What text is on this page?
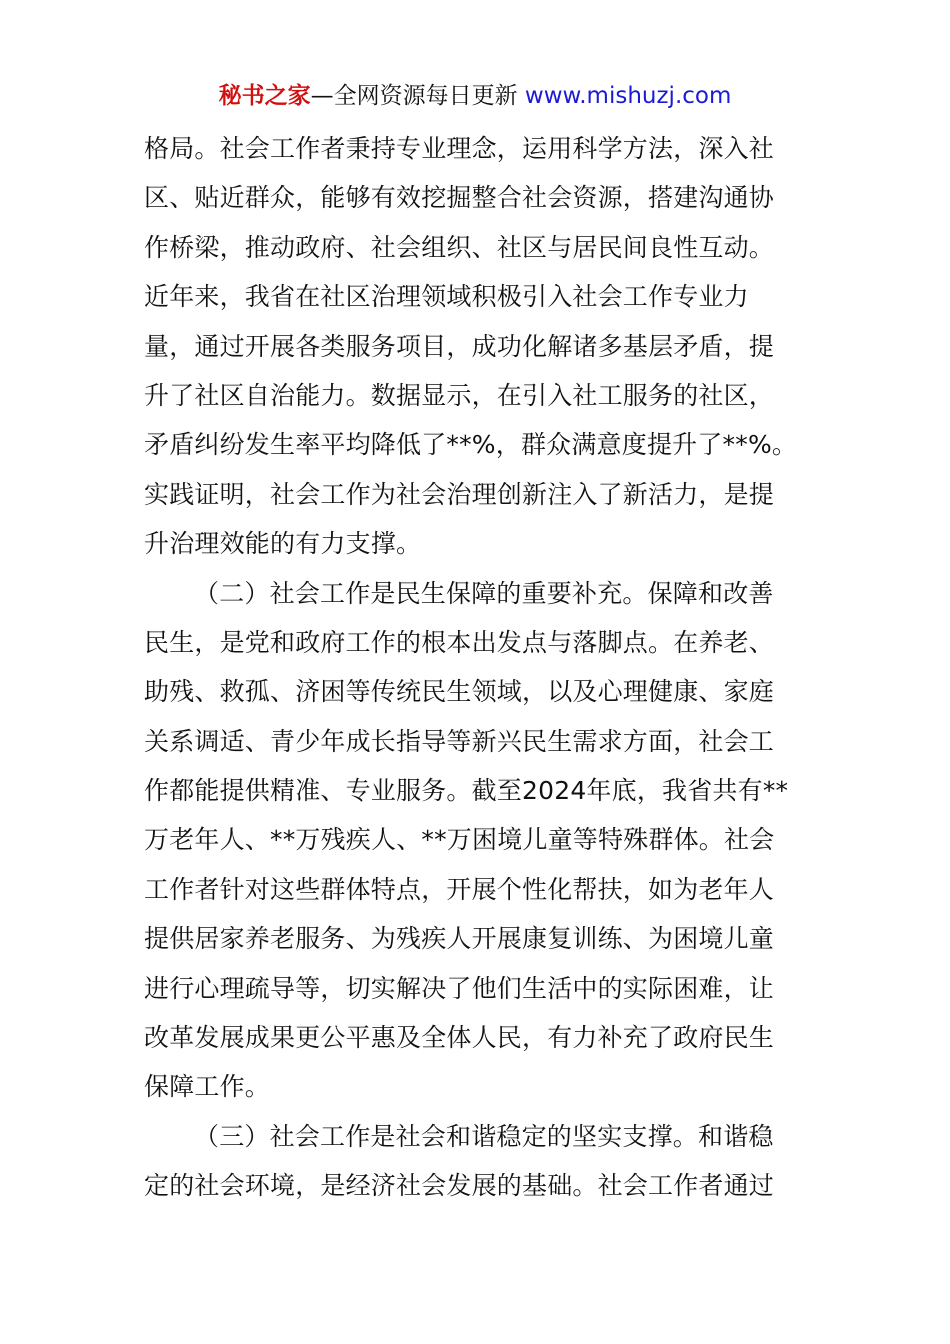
秘书之家—全网资源每日更新 www.mishuzj.com
格局。社会工作者秉持专业理念，运用科学方法，深入社
区、贴近群众，能够有效挖掘整合社会资源，搭建沟通协
作桥梁，推动政府、社会组织、社区与居民间良性互动。
近年来，我省在社区治理领域积极引入社会工作专业力
量，通过开展各类服务项目，成功化解诸多基层矛盾，提
升了社区自治能力。数据显示，在引入社工服务的社区，
矛盾纠纷发生率平均降低了**%，群众满意度提升了**%。
实践证明，社会工作为社会治理创新注入了新活力，是提
升治理效能的有力支撑。
（二）社会工作是民生保障的重要补充。保障和改善
民生，是党和政府工作的根本出发点与落脚点。在养老、
助残、救孤、济困等传统民生领域，以及心理健康、家庭
关系调适、青少年成长指导等新兴民生需求方面，社会工
作都能提供精准、专业服务。截至2024年底，我省共有**
万老年人、**万残疾人、**万困境儿童等特殊群体。社会
工作者针对这些群体特点，开展个性化帮扶，如为老年人
提供居家养老服务、为残疾人开展康复训练、为困境儿童
进行心理疏导等，切实解决了他们生活中的实际困难，让
改革发展成果更公平惠及全体人民，有力补充了政府民生
保障工作。
（三）社会工作是社会和谐稳定的坚实支撑。和谐稳
定的社会环境，是经济社会发展的基础。社会工作者通过
